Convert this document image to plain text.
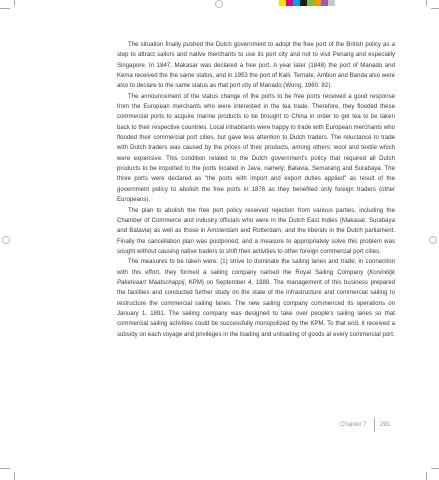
The situation finally pushed the Dutch government to adopt the free port of the British policy as a step to attract sailors and native merchants to use its port city and not to visit Penang and especially Singapore. In 1847, Makasar was declared a free port. A year later (1848) the port of Manado and Kema received the the same status, and in 1953 the port of Kaili, Ternate, Ambon and Banda also were also to declare to the same status as that port city of Manado (Wong, 1960: 82).

The announcement of the status change of the ports to be free ports received a good response from the European merchants who were interested in the tea trade. Therefore, they flooded these commercial ports to acquire marine products to be brought to China in order to get tea to be taken back to their respective countries. Local inhabitants were happy to trade with European merchants who flooded their commercial port cities, but gave less attention to Dutch traders. The reluctance to trade with Dutch traders was caused by the prices of their products, among others: wool and textile which were expensive. This condition related to the Dutch government's policy that required all Dutch products to be imported to the ports located in Java, namely; Batavia, Semarang and Surabaya. The three ports were declared as "the ports with import and export duties applied" as result of the government policy to abolish the free ports in 1876 as they benefited only foreign traders (other Europeans).

The plan to abolish the free port policy received rejection from various parties, including the Chamber of Commerce and industry officials who were in the Dutch East Indies (Makasar, Surabaya and Batavia) as well as those in Amsterdam and Rotterdam, and the liberals in the Dutch parliament. Finally the cancellation plan was postponed, and a measure to appropriately solve this problem was sought without causing native traders to shift their activities to other foreign commercial port cities.

The measures to be taken were: (1) strive to dominate the sailing lanes and trade; in connection with this effort, they formed a sailing company named the Royal Sailing Company (Koninklijk Paketvaart Maatschappij, KPM) on September 4, 1888. The management of this business prepared the facilities and conducted further study on the state of the infrastructure and commercial sailing to restructure the commercial sailing lanes. The new sailing company commenced its operations on January 1, 1891. The sailing company was designed to take over people's sailing lanes so that commercial sailing activities could be successfully monopolized by the KPM. To that end, it received a subsidy on each voyage and privileges in the loading and unloading of goods at every commercial port.

Chapter 7 291
